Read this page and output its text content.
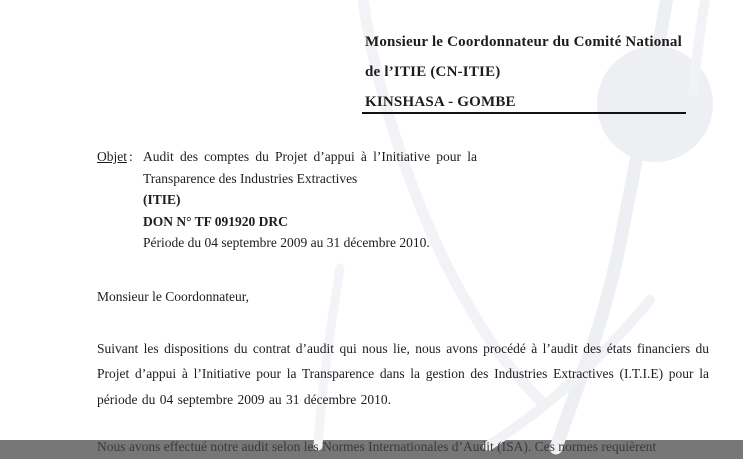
Monsieur le Coordonnateur du Comité National
de l’ITIE (CN-ITIE)
KINSHASA - GOMBE
Objet : Audit des comptes du Projet d’appui à l’Initiative pour la Transparence des Industries Extractives
(ITIE)
DON N° TF 091920 DRC
Période du 04 septembre 2009 au 31 décembre 2010.
Monsieur le Coordonnateur,
Suivant les dispositions du contrat d’audit qui nous lie, nous avons procédé à l’audit des états financiers du Projet d’appui à l’Initiative pour la Transparence dans la gestion des Industries Extractives (I.T.I.E) pour la période du 04 septembre 2009 au 31 décembre 2010.
Nous avons effectué notre audit selon les Normes Internationales d’Audit (ISA). Ces normes requièrent
